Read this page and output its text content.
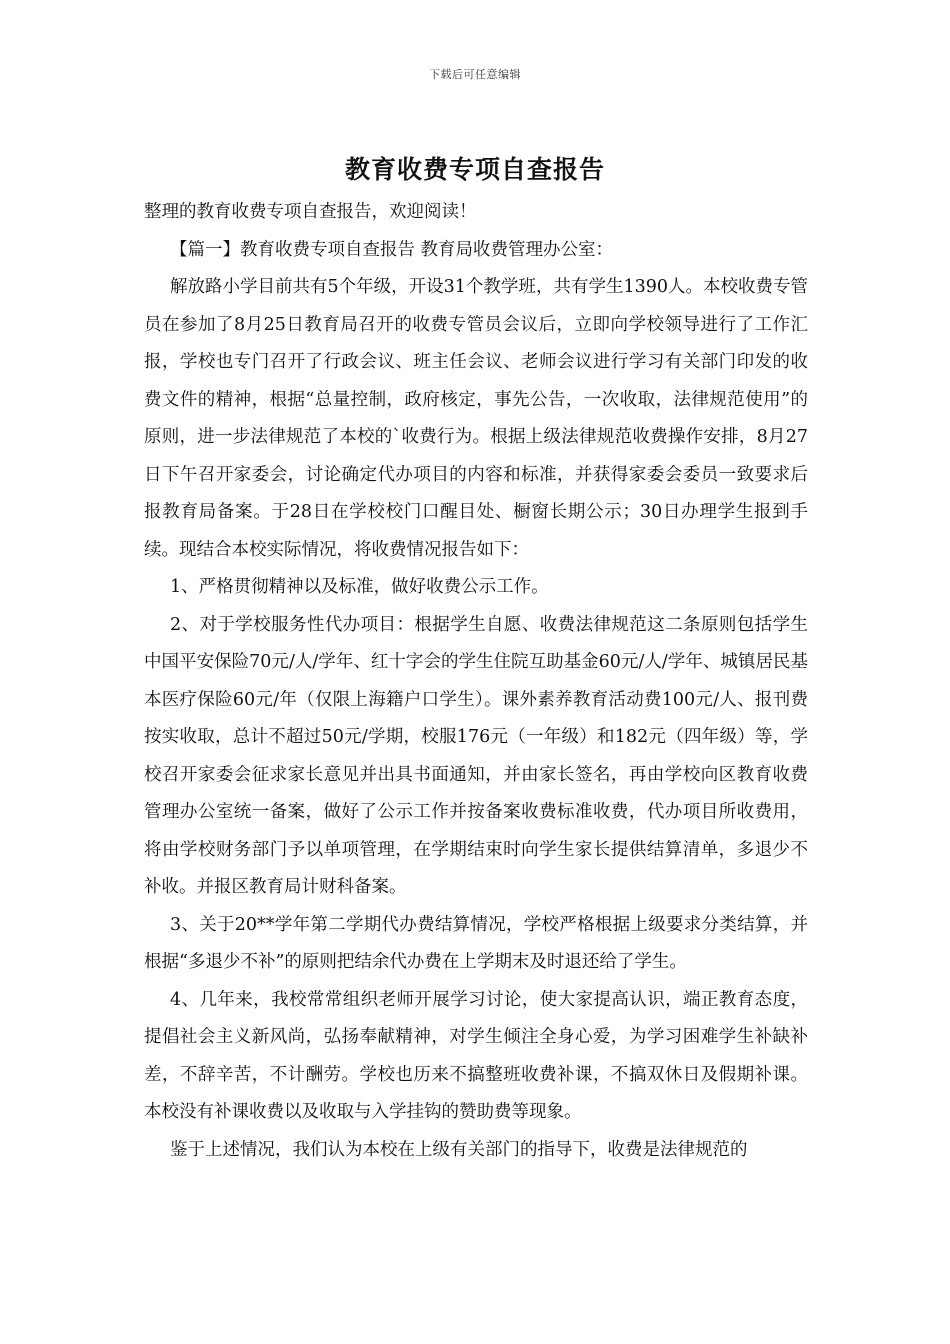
下载后可任意编辑
教育收费专项自查报告

整理的教育收费专项自查报告，欢迎阅读！

【篇一】教育收费专项自查报告 教育局收费管理办公室：

解放路小学目前共有5个年级，开设31个教学班，共有学生1390人。本校收费专管员在参加了8月25日教育局召开的收费专管员会议后，立即向学校领导进行了工作汇报，学校也专门召开了行政会议、班主任会议、老师会议进行学习有关部门印发的收费文件的精神，根据“总量控制，政府核定，事先公告，一次收取，法律规范使用”的原则，进一步法律规范了本校的`收费行为。根据上级法律规范收费操作安排，8月27日下午召开家委会，讨论确定代办项目的内容和标准，并获得家委会委员一致要求后报教育局备案。于28日在学校校门口醒目处、橱窗长期公示；30日办理学生报到手续。现结合本校实际情况，将收费情况报告如下：

1、严格贯彻精神以及标准，做好收费公示工作。

2、对于学校服务性代办项目：根据学生自愿、收费法律规范这二条原则包括学生中国平安保险70元/人/学年、红十字会的学生住院互助基金60元/人/学年、城镇居民基本医疗保险60元/年（仅限上海籍户口学生）。课外素养教育活动费100元/人、报刊费按实收取，总计不超过50元/学期，校服176元（一年级）和182元（四年级）等，学校召开家委会征求家长意见并出具书面通知，并由家长签名，再由学校向区教育收费管理办公室统一备案，做好了公示工作并按备案收费标准收费，代办项目所收费用，将由学校财务部门予以单项管理，在学期结束时向学生家长提供结算清单，多退少不补收。并报区教育局计财科备案。

3、关于20**学年第二学期代办费结算情况，学校严格根据上级要求分类结算，并根据“多退少不补”的原则把结余代办费在上学期末及时退还给了学生。

4、几年来，我校常常组织老师开展学习讨论，使大家提高认识，端正教育态度，提倡社会主义新风尚，弘扬奉献精神，对学生倾注全身心爱，为学习困难学生补缺补差，不辞辛苦，不计酬劳。学校也历来不搞整班收费补课，不搞双休日及假期补课。本校没有补课收费以及收取与入学挂钩的赞助费等现象。

鉴于上述情况，我们认为本校在上级有关部门的指导下，收费是法律规范的
